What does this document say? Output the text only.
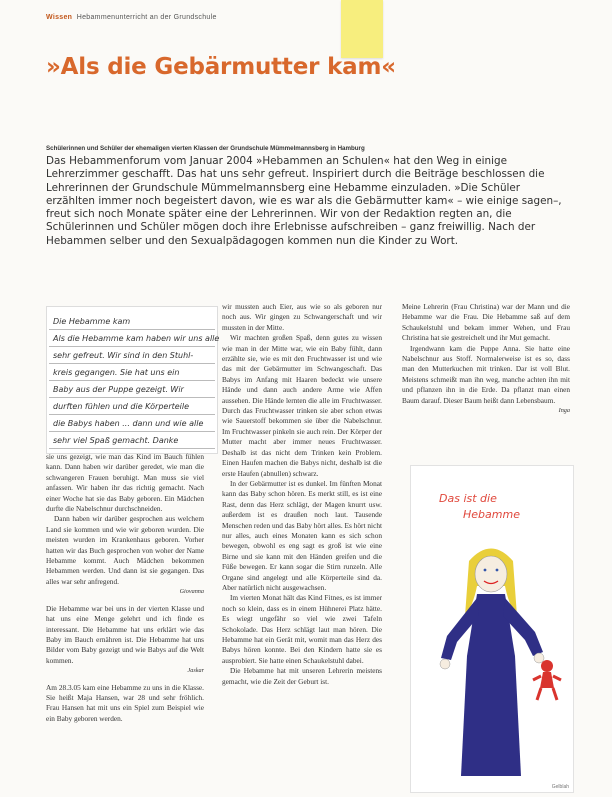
Wissen Hebammenunterricht an der Grundschule
»Als die Gebärmutter kam«
Schülerinnen und Schüler der ehemaligen vierten Klassen der Grundschule Mümmelmannsberg in Hamburg
Das Hebammenforum vom Januar 2004 »Hebammen an Schulen« hat den Weg in einige Lehrerzimmer geschafft. Das hat uns sehr gefreut. Inspiriert durch die Beiträge beschlossen die Lehrerinnen der Grundschule Mümmelmannsberg eine Hebamme einzuladen. »Die Schüler erzählten immer noch begeistert davon, wie es war als die Gebärmutter kam« – wie einige sagen–, freut sich noch Monate später eine der Lehrerinnen. Wir von der Redaktion regten an, die Schülerinnen und Schüler mögen doch ihre Erlebnisse aufschreiben – ganz freiwillig. Nach der Hebammen selber und den Sexualpädagogen kommen nun die Kinder zu Wort.
Die Hebamme kam
Als die Hebamme kam haben wir uns alle
sehr gefreut. Wir sind in den Stuhl-
kreis gegangen. Sie hat uns ein
Baby aus der Puppe gezeigt. Wir
durften fühlen und die Körperteile
die Babys haben ... dann und wie alle
sehr viel Spaß gemacht. Danke
sie uns gezeigt, wie man das Kind im Bauch fühlen kann. Dann haben wir darüber geredet, wie man die schwangeren Frauen beruhigt. Man muss sie viel anfassen. Wir haben ihr das richtig gemacht. Nach einer Woche hat sie das Baby geboren. Ein Mädchen durfte die Nabelschnur durchschneiden.
Dann haben wir darüber gesprochen aus welchem Land sie kommen und wie wir geboren wurden. Die meisten wurden im Krankenhaus geboren. Vorher hatten wir das Buch gesprochen von woher der Name Hebamme kommt. Auch Mädchen bekommen Hebammen werden. Und dann ist sie gegangen. Das alles war sehr anfregend.
Giovanna
Die Hebamme war bei uns in der vierten Klasse und hat uns eine Menge gelehrt und ich finde es interessant. Die Hebamme hat uns erklärt wie das Baby im Bauch ernähren ist. Die Hebamme hat uns Bilder vom Baby gezeigt und wie Babys auf die Welt kommen.
Jaskar
Am 28.3.05 kam eine Hebamme zu uns in die Klasse. Sie heißt Maja Hansen, war 28 und sehr fröhlich. Frau Hansen hat mit uns ein Spiel zum Beispiel wie ein Baby geboren werden.
wir mussten auch Eier, aus wie so als geboren nur noch aus. Wir gingen zu Schwangerschaft und wir mussten in der Mitte.
Wir machten großen Spaß, denn gutes zu wissen wie man in der Mitte war, wie ein Baby fühlt, dann erzählte sie, wie es mit den Fruchtwasser ist und wie das mit der Gebärmutter im Schwangeschaft. Das Babys im Anfang mit Haaren bedeckt wie unsere Hände und dann auch andere Arme wie Affen aussehen. Die Hände lernten die alle im Fruchtwasser. Durch das Fruchtwasser trinken sie aber schon etwas wie Sauerstoff bekommen sie über die Nabelschnur. Im Fruchtwasser pinkeln sie auch rein. Der Körper der Mutter macht aber immer neues Fruchtwasser. Deshalb ist das nicht dem Trinken kein Problem. Einen Haufen machen die Babys nicht, deshalb ist die erste Haufen (abnullen) schwarz.
In der Gebärmutter ist es dunkel. Im fünften Monat kann das Baby schon hören. Es merkt still, es ist eine Rast, denn das Herz schlägt, der Magen knurrt usw. außerdem ist es draußen noch laut. Tausende Menschen reden und das Baby hört alles. Es hört nicht nur alles, auch eines Monaten kann es sich schon bewegen, obwohl es eng sagt es groß ist wie eine Birne und sie kann mit den Händen greifen und die Füße bewegen. Er kann sogar die Stirn runzeln. Alle Organe sind angelegt und alle Körperteile sind da. Aber natürlich nicht ausgewachsen.
Im vierten Monat hält das Kind Fitnes, es ist immer noch so klein, dass es in einem Hühnerei Platz hätte. Es wiegt ungefähr so viel wie zwei Tafeln Schokolade. Das Herz schlägt laut man hören. Die Hebamme hat ein Gerät mit, womit man das Herz des Babys hören konnte. Bei den Kindern hatte sie es ausprobiert. Sie hatte einen Schaukelstuhl dabei.
Die Hebamme hat mit unseren Lehrerin meistens gemacht, wie die Zeit der Geburt ist.
Meine Lehrerin (Frau Christina) war der Mann und die Hebamme war die Frau. Die Hebamme saß auf dem Schaukelstuhl und bekam immer Wehen, und Frau Christina hat sie gestreichelt und ihr Mut gemacht.
Irgendwann kam die Puppe Anna. Sie hatte eine Nabelschnur aus Stoff. Normalerweise ist es so, dass man den Mutterkuchen mit trinken. Dar ist voll Blut. Meistens schmeißt man ihn weg, manche achten ihn mit und pflanzen ihn in die Erde. Da pflanzt man einen Baum darauf. Dieser Baum heißt dann Lebensbaum.
Inga
Das ist die
Hebamme
Gelblah
